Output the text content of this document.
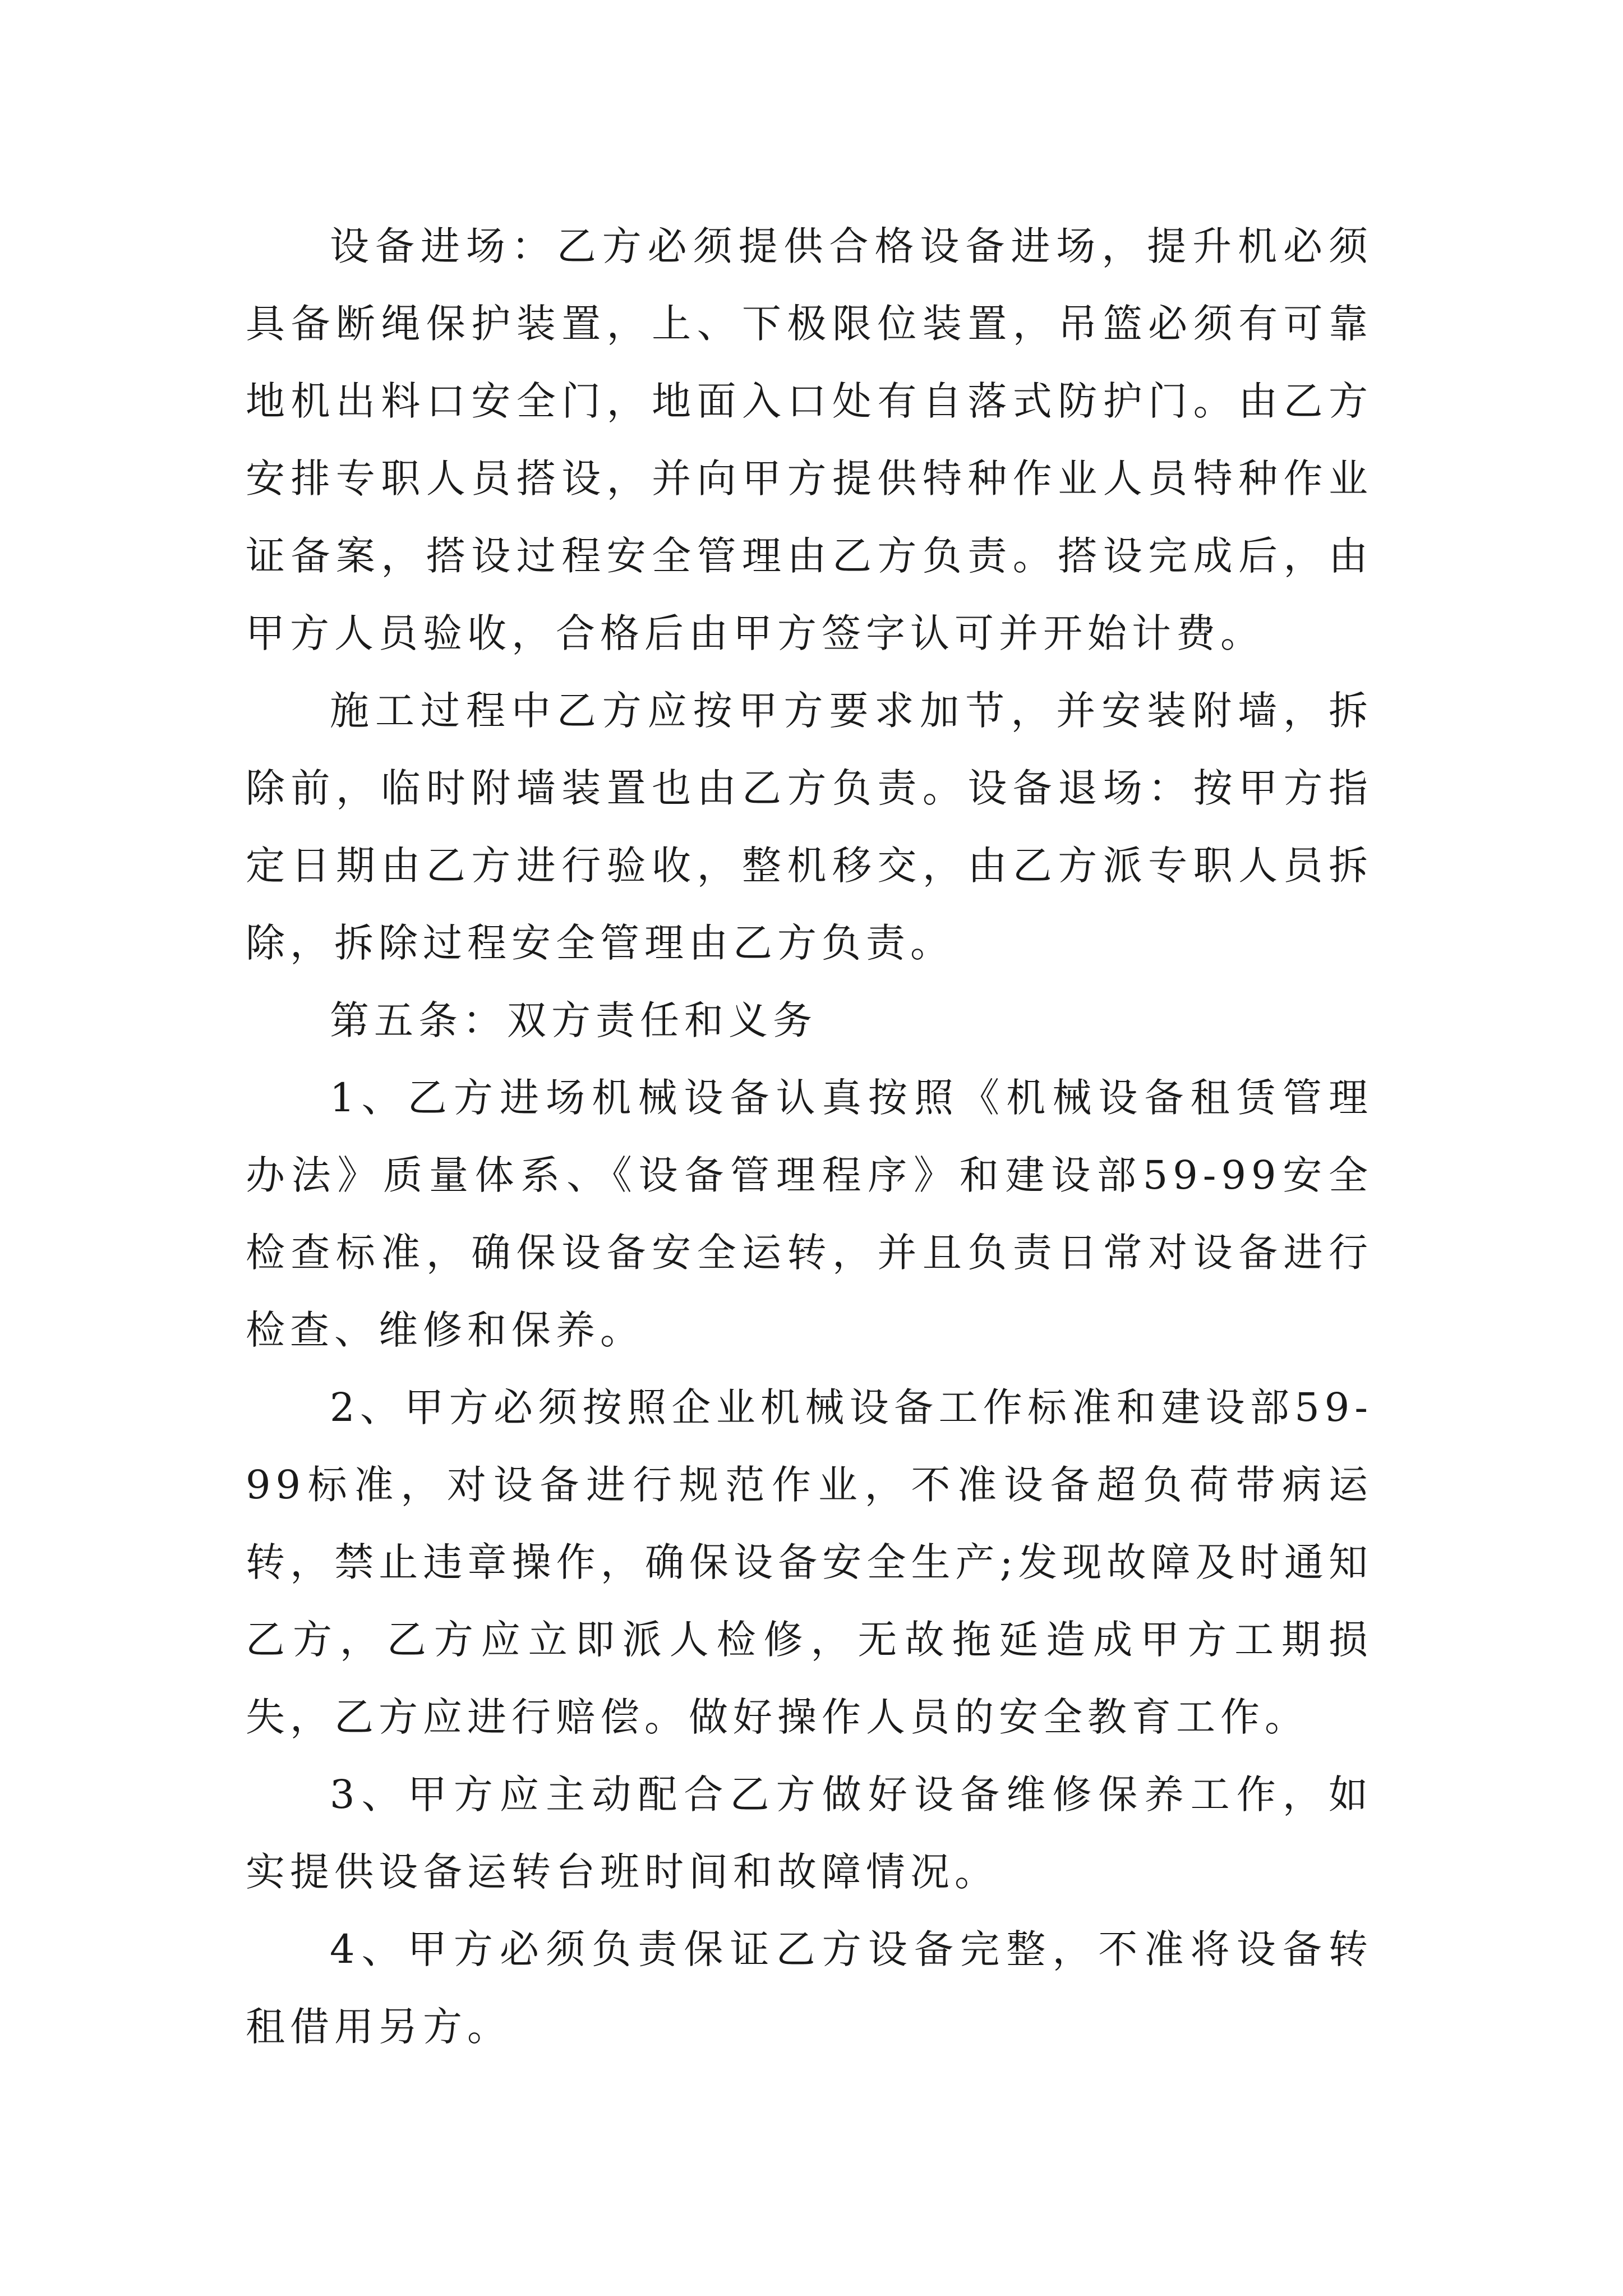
设备进场：乙方必须提供合格设备进场，提升机必须具备断绳保护装置，上、下极限位装置，吊篮必须有可靠地机出料口安全门，地面入口处有自落式防护门。由乙方安排专职人员搭设，并向甲方提供特种作业人员特种作业证备案，搭设过程安全管理由乙方负责。搭设完成后，由甲方人员验收，合格后由甲方签字认可并开始计费。

施工过程中乙方应按甲方要求加节，并安装附墙，拆除前，临时附墙装置也由乙方负责。设备退场：按甲方指定日期由乙方进行验收，整机移交，由乙方派专职人员拆除，拆除过程安全管理由乙方负责。

第五条：双方责任和义务

1、乙方进场机械设备认真按照《机械设备租赁管理办法》质量体系、《设备管理程序》和建设部59-99安全检查标准，确保设备安全运转，并且负责日常对设备进行检查、维修和保养。

2、甲方必须按照企业机械设备工作标准和建设部59-99标准，对设备进行规范作业，不准设备超负荷带病运转，禁止违章操作，确保设备安全生产;发现故障及时通知乙方，乙方应立即派人检修，无故拖延造成甲方工期损失，乙方应进行赔偿。做好操作人员的安全教育工作。

3、甲方应主动配合乙方做好设备维修保养工作，如实提供设备运转台班时间和故障情况。

4、甲方必须负责保证乙方设备完整，不准将设备转租借用另方。
